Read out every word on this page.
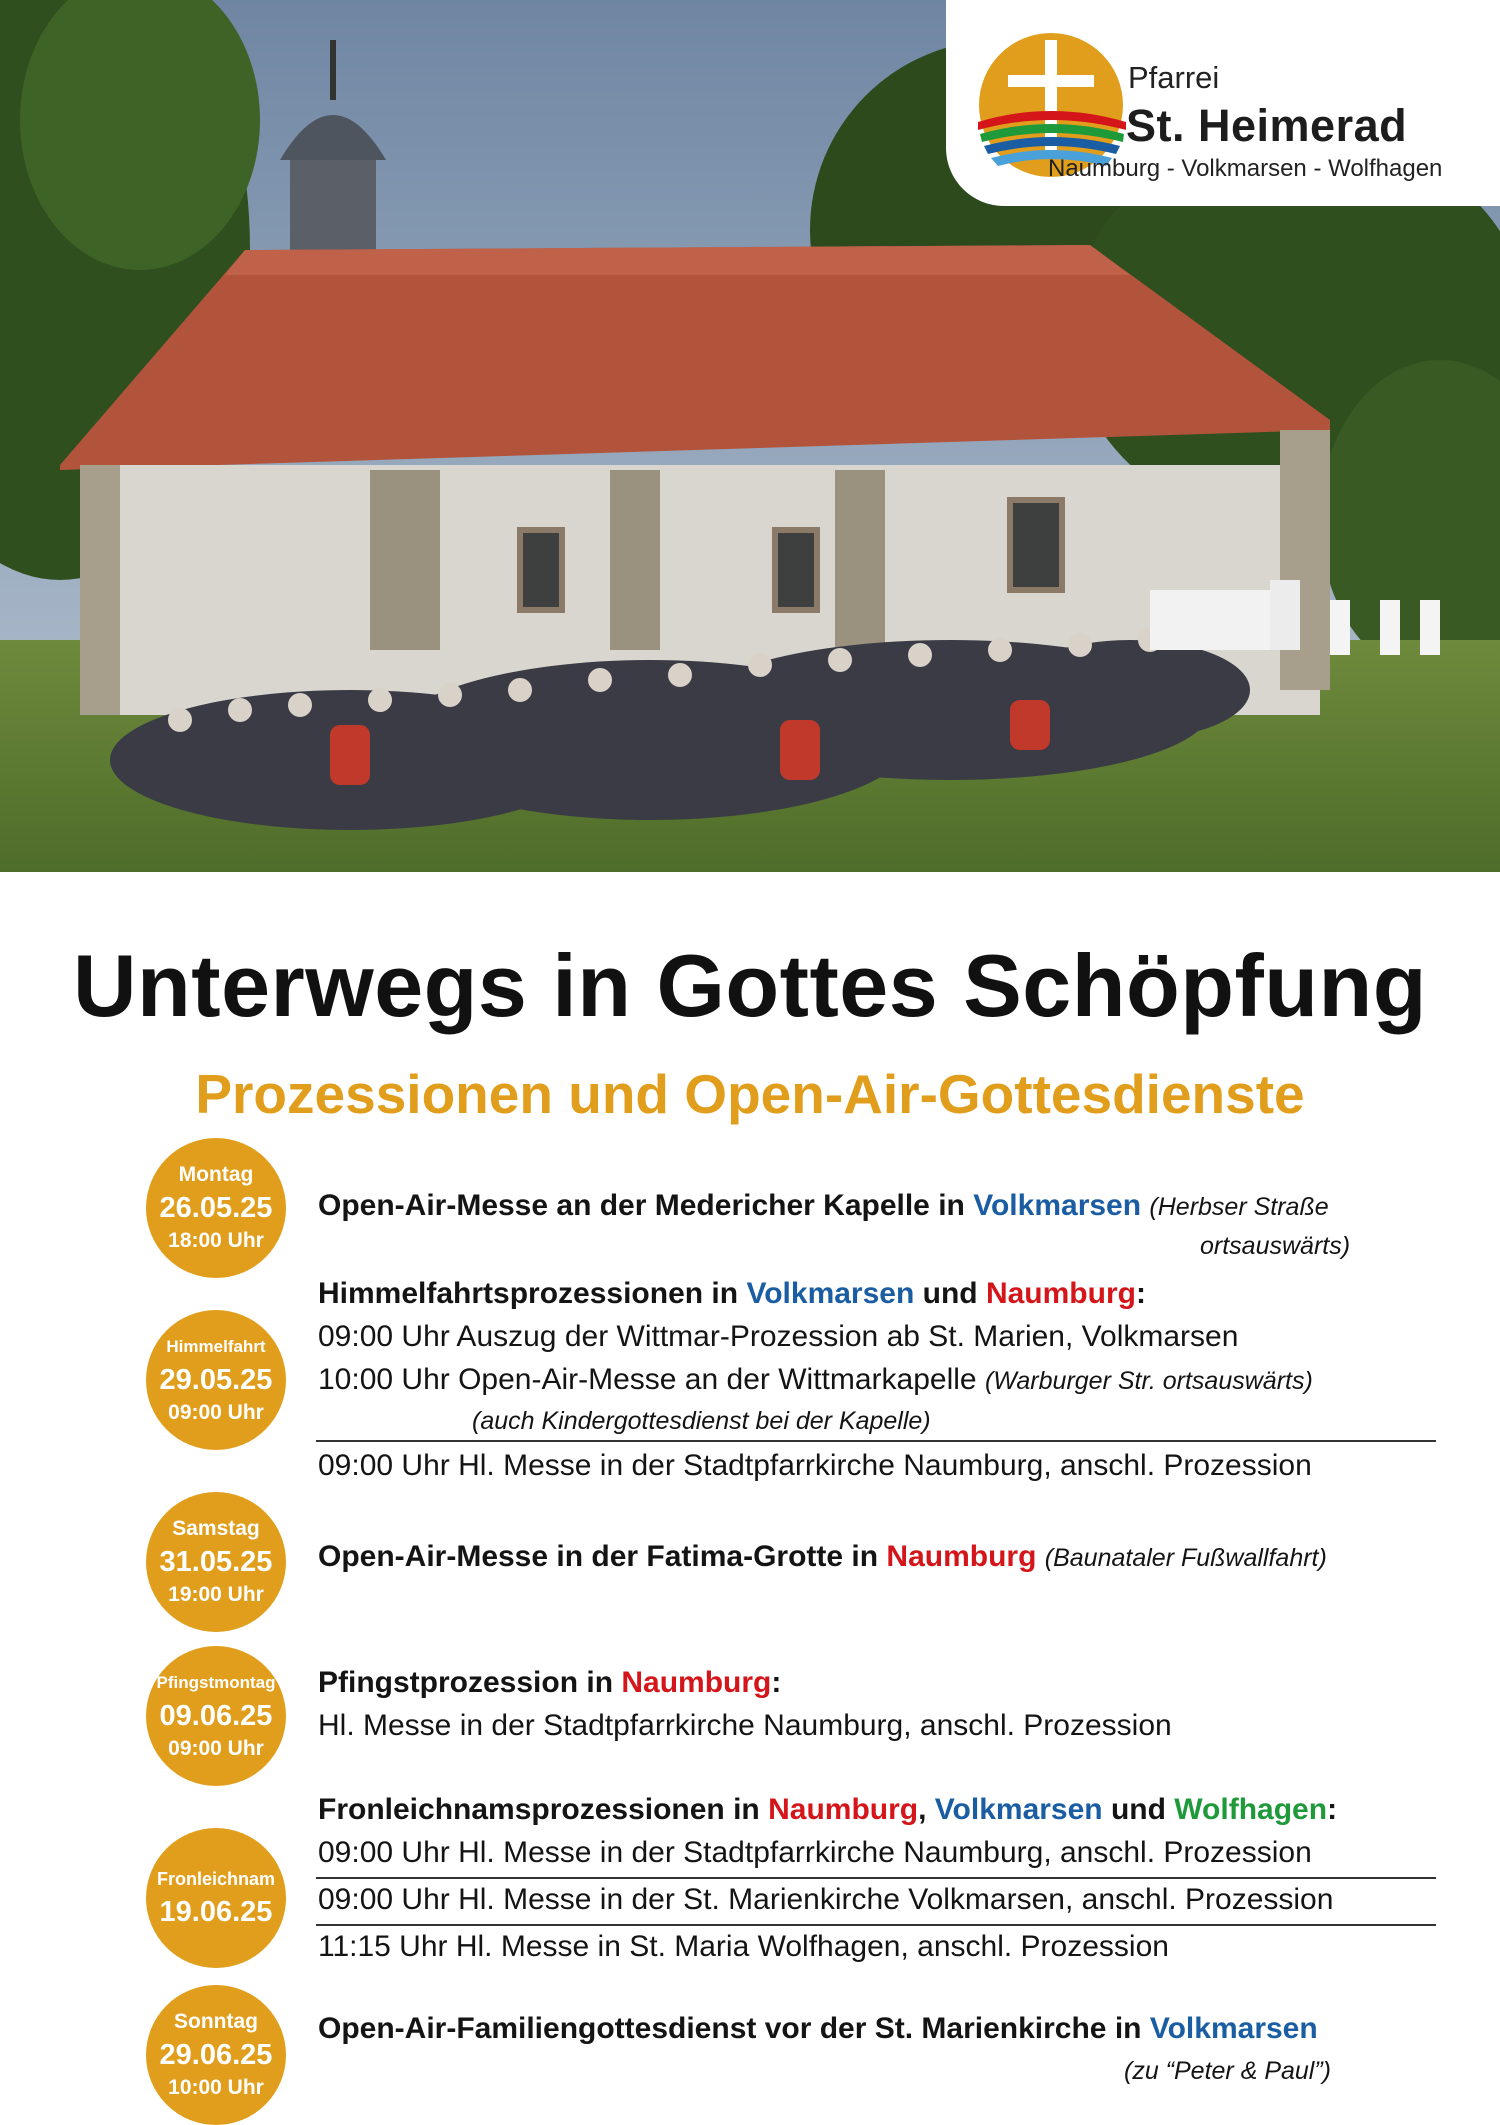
Pfarrei
St. Heimerad
Naumburg - Volkmarsen - Wolfhagen
Unterwegs in Gottes Schöpfung
Prozessionen und Open-Air-Gottesdienste
Montag
26.05.25
18:00 Uhr
Himmelfahrt
29.05.25
09:00 Uhr
Samstag
31.05.25
19:00 Uhr
Pfingstmontag
09.06.25
09:00 Uhr
Fronleichnam
19.06.25
Sonntag
29.06.25
10:00 Uhr
Open-Air-Messe an der Medericher Kapelle in Volkmarsen (Herbser Straße
ortsauswärts)
Himmelfahrtsprozessionen in Volkmarsen und Naumburg:
09:00 Uhr Auszug der Wittmar-Prozession ab St. Marien, Volkmarsen
10:00 Uhr Open-Air-Messe an der Wittmarkapelle (Warburger Str. ortsauswärts)
(auch Kindergottesdienst bei der Kapelle)
09:00 Uhr Hl. Messe in der Stadtpfarrkirche Naumburg, anschl. Prozession
Open-Air-Messe in der Fatima-Grotte in Naumburg (Baunataler Fußwallfahrt)
Pfingstprozession in Naumburg:
Hl. Messe in der Stadtpfarrkirche Naumburg, anschl. Prozession
Fronleichnamsprozessionen in Naumburg, Volkmarsen und Wolfhagen:
09:00 Uhr Hl. Messe in der Stadtpfarrkirche Naumburg, anschl. Prozession
09:00 Uhr Hl. Messe in der St. Marienkirche Volkmarsen, anschl. Prozession
11:15 Uhr Hl. Messe in St. Maria Wolfhagen, anschl. Prozession
Open-Air-Familiengottesdienst vor der St. Marienkirche in Volkmarsen
(zu “Peter & Paul”)
